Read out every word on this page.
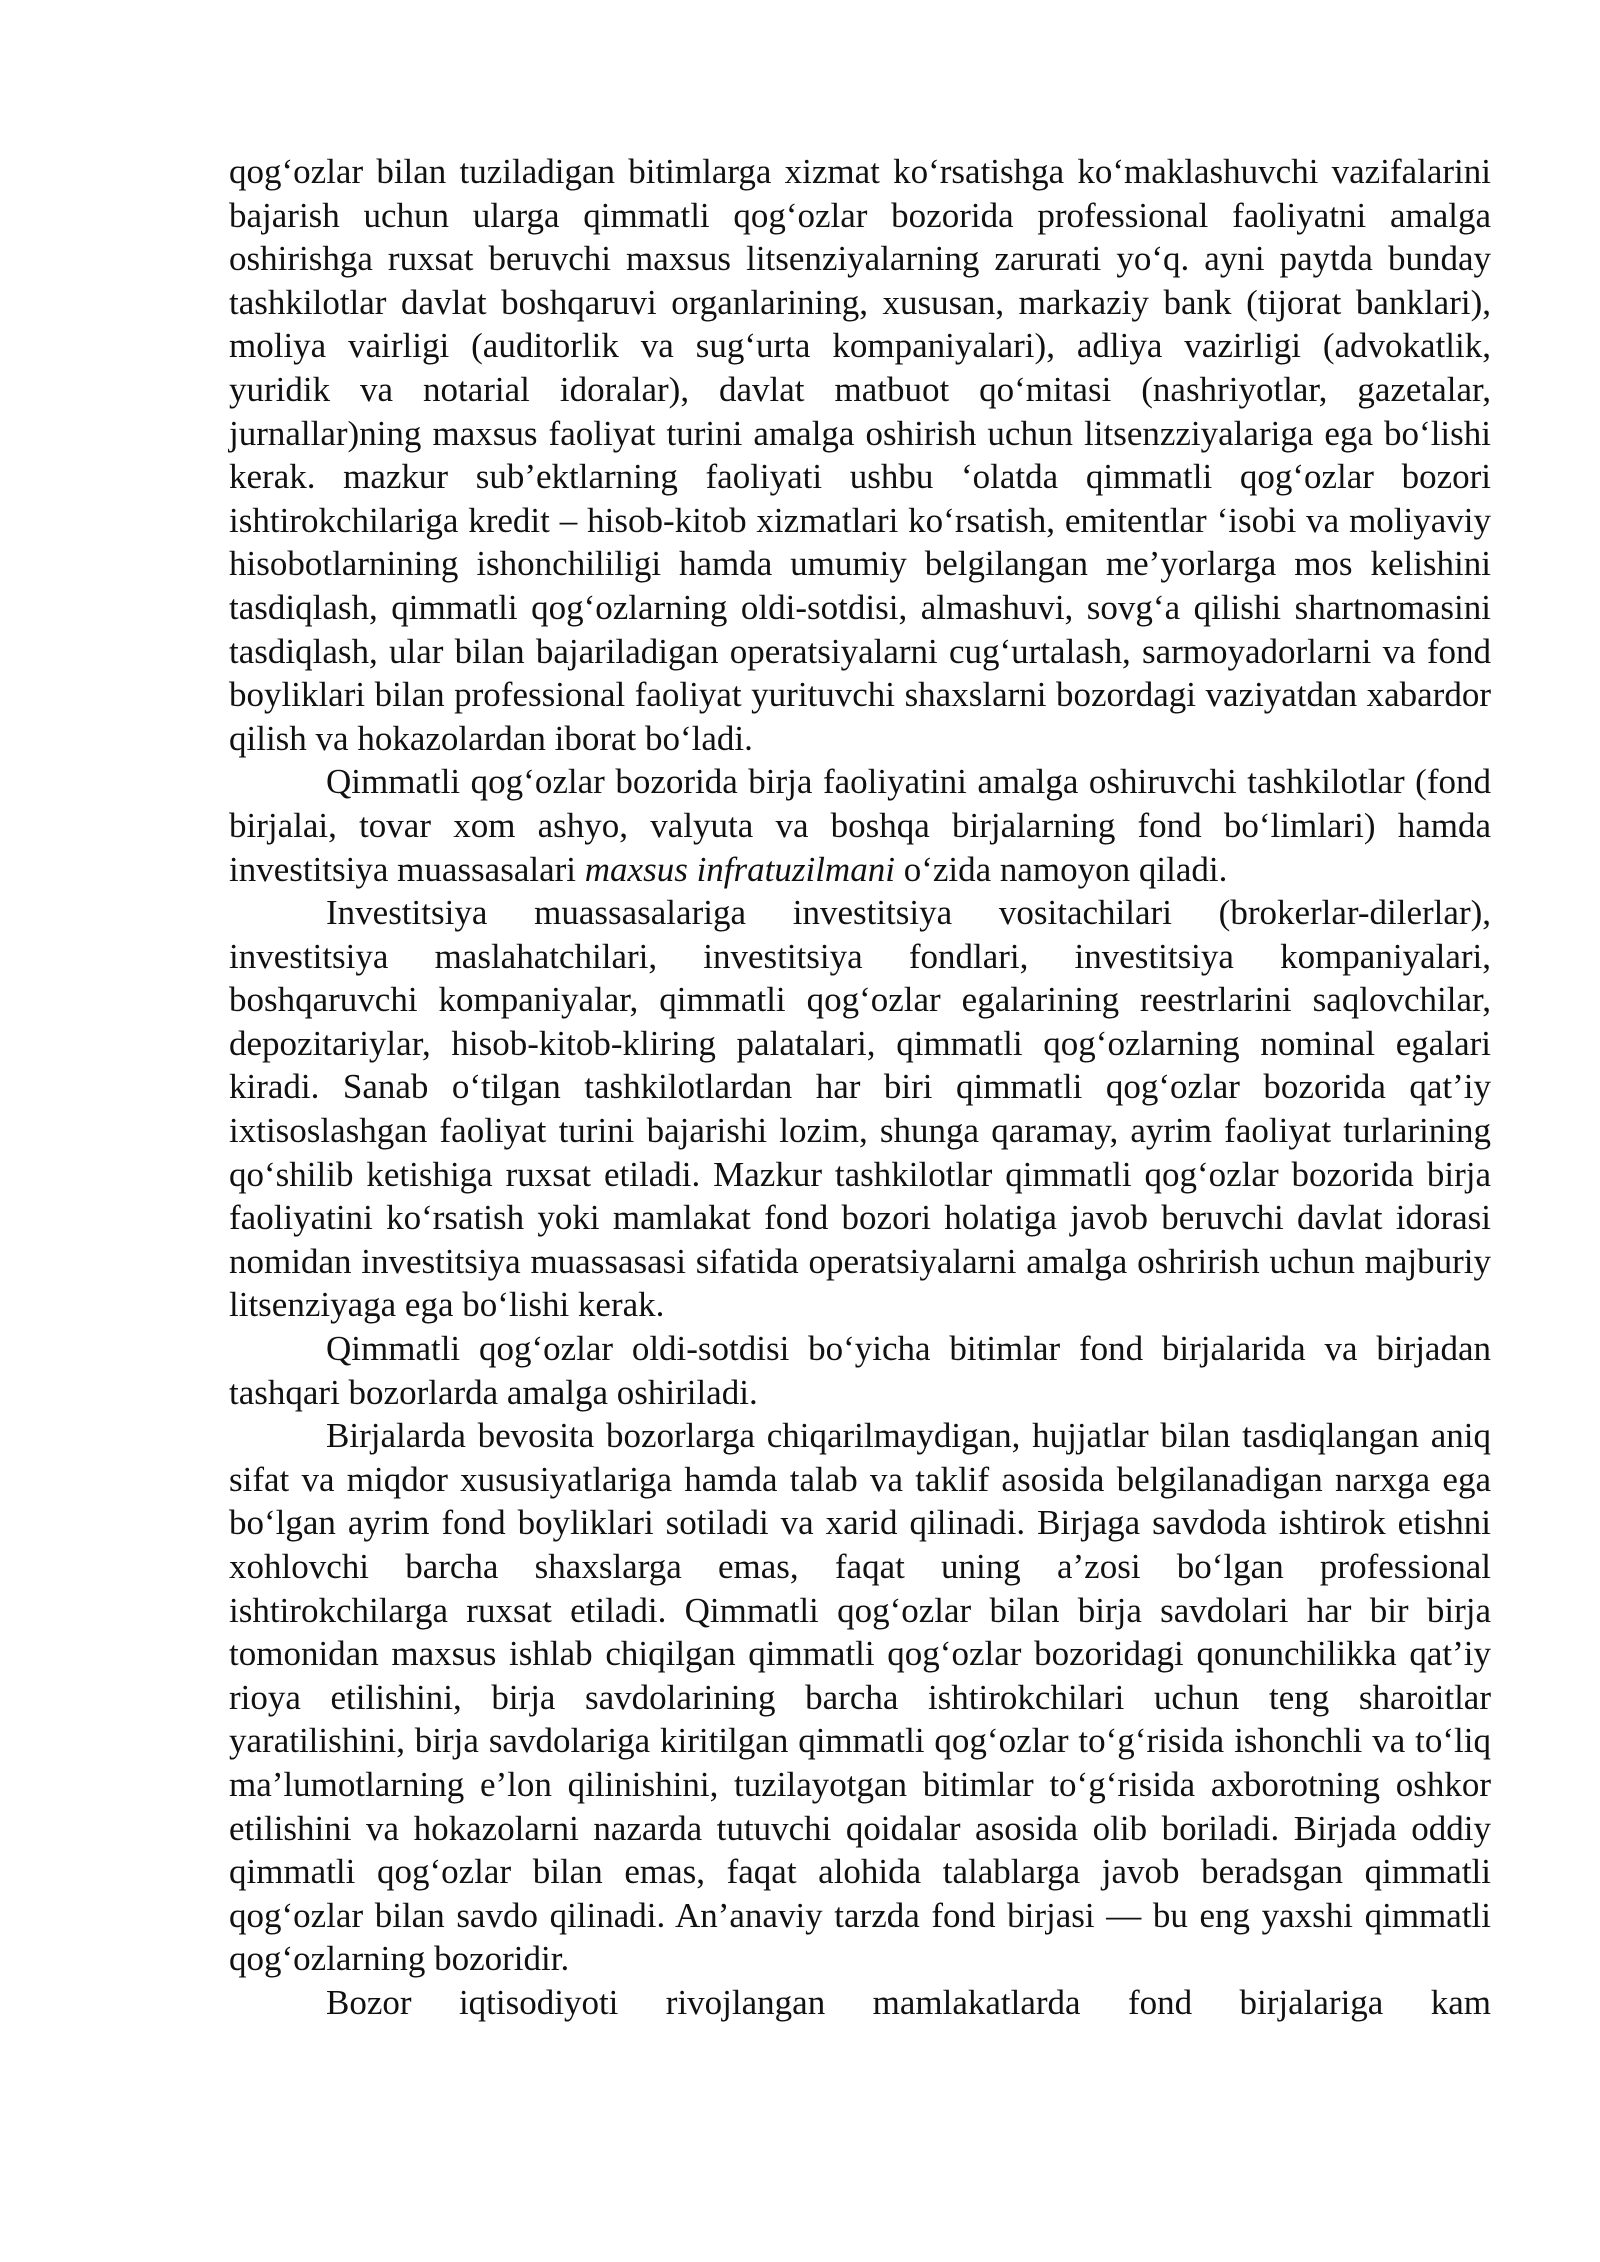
qog‘ozlar bilan tuziladigan bitimlarga xizmat ko‘rsatishga ko‘maklashuvchi vazifalarini bajarish uchun ularga qimmatli qog‘ozlar bozorida professional faoliyatni amalga oshirishga ruxsat beruvchi maxsus litsenziyalarning zarurati yo‘q. ayni paytda bunday tashkilotlar davlat boshqaruvi organlarining, xususan, markaziy bank (tijorat banklari), moliya vairligi (auditorlik va sug‘urta kompaniyalari), adliya vazirligi (advokatlik, yuridik va notarial idoralar), davlat matbuot qo‘mitasi (nashriyotlar, gazetalar, jurnallar)ning maxsus faoliyat turini amalga oshirish uchun litsenzziyalariga ega bo‘lishi kerak. mazkur sub’ektlarning faoliyati ushbu ‘olatda qimmatli qog‘ozlar bozori ishtirokchilariga kredit – hisob-kitob xizmatlari ko‘rsatish, emitentlar ‘isobi va moliyaviy hisobotlarnining ishonchililigi hamda umumiy belgilangan me’yorlarga mos kelishini tasdiqlash, qimmatli qog‘ozlarning oldi-sotdisi, almashuvi, sovg‘a qilishi shartnomasini tasdiqlash, ular bilan bajariladigan operatsiyalarni cug‘urtalash, sarmoyadorlarni va fond boyliklari bilan professional faoliyat yurituvchi shaxslarni bozordagi vaziyatdan xabardor qilish va hokazolardan iborat bo‘ladi.

Qimmatli qog‘ozlar bozorida birja faoliyatini amalga oshiruvchi tashkilotlar (fond birjalai, tovar xom ashyo, valyuta va boshqa birjalarning fond bo‘limlari) hamda investitsiya muassasalari maxsus infratuzilmani o‘zida namoyon qiladi.

Investitsiya muassasalariga investitsiya vositachilari (brokerlar-dilerlar), investitsiya maslahatchilari, investitsiya fondlari, investitsiya kompaniyalari, boshqaruvchi kompaniyalar, qimmatli qog‘ozlar egalarining reestrlarini saqlovchilar, depozitariylar, hisob-kitob-kliring palatalari, qimmatli qog‘ozlarning nominal egalari kiradi. Sanab o‘tilgan tashkilotlardan har biri qimmatli qog‘ozlar bozorida qat’iy ixtisoslashgan faoliyat turini bajarishi lozim, shunga qaramay, ayrim faoliyat turlarining qo‘shilib ketishiga ruxsat etiladi. Mazkur tashkilotlar qimmatli qog‘ozlar bozorida birja faoliyatini ko‘rsatish yoki mamlakat fond bozori holatiga javob beruvchi davlat idorasi nomidan investitsiya muassasasi sifatida operatsiyalarni amalga oshrirish uchun majburiy litsenziyaga ega bo‘lishi kerak.

Qimmatli qog‘ozlar oldi-sotdisi bo‘yicha bitimlar fond birjalarida va birjadan tashqari bozorlarda amalga oshiriladi.

Birjalarda bevosita bozorlarga chiqarilmaydigan, hujjatlar bilan tasdiqlangan aniq sifat va miqdor xususiyatlariga hamda talab va taklif asosida belgilanadigan narxga ega bo‘lgan ayrim fond boyliklari sotiladi va xarid qilinadi. Birjaga savdoda ishtirok etishni xohlovchi barcha shaxslarga emas, faqat uning a’zosi bo‘lgan professional ishtirokchilarga ruxsat etiladi. Qimmatli qog‘ozlar bilan birja savdolari har bir birja tomonidan maxsus ishlab chiqilgan qimmatli qog‘ozlar bozoridagi qonunchilikka qat’iy rioya etilishini, birja savdolarining barcha ishtirokchilari uchun teng sharoitlar yaratilishini, birja savdolariga kiritilgan qimmatli qog‘ozlar to‘g‘risida ishonchli va to‘liq ma’lumotlarning e’lon qilinishini, tuzilayotgan bitimlar to‘g‘risida axborotning oshkor etilishini va hokazolarni nazarda tutuvchi qoidalar asosida olib boriladi. Birjada oddiy qimmatli qog‘ozlar bilan emas, faqat alohida talablarga javob beradsgan qimmatli qog‘ozlar bilan savdo qilinadi. An’anaviy tarzda fond birjasi — bu eng yaxshi qimmatli qog‘ozlarning bozoridir.

Bozor iqtisodiyoti rivojlangan mamlakatlarda fond birjalariga kam
